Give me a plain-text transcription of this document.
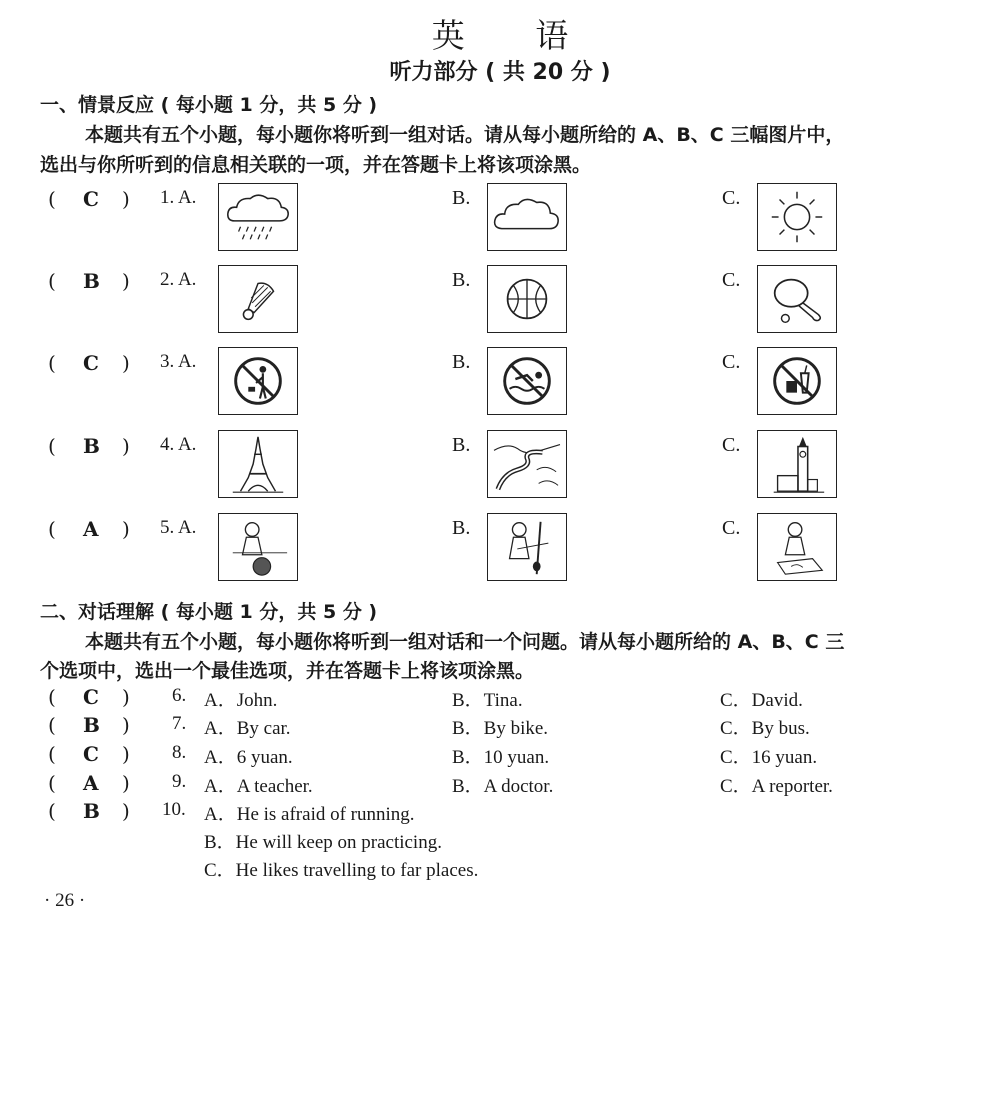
英 语
听力部分 ( 共 20 分 )
一、情景反应 ( 每小题 1 分，共 5 分 )
本题共有五个小题，每小题你将听到一组对话。请从每小题所给的 A、B、C 三幅图片中，
选出与你所听到的信息相关联的一项，并在答题卡上将该项涂黑。
( C ) 1. A.	B.	C.
( B ) 2. A.	B.	C.
( C ) 3. A.	B.	C.
( B ) 4. A.	B.	C.
( A ) 5. A.	B.	C.
二、对话理解 ( 每小题 1 分，共 5 分 )
本题共有五个小题，每小题你将听到一组对话和一个问题。请从每小题所给的 A、B、C 三
个选项中，选出一个最佳选项，并在答题卡上将该项涂黑。
( C ) 6. A．John.	B．Tina.	C．David.
( B ) 7. A．By car.	B．By bike.	C．By bus.
( C ) 8. A．6 yuan.	B．10 yuan.	C．16 yuan.
( A ) 9. A．A teacher.	B．A doctor.	C．A reporter.
( B ) 10. A．He is afraid of running.
B．He will keep on practicing.
C．He likes travelling to far places.
· 26 ·
